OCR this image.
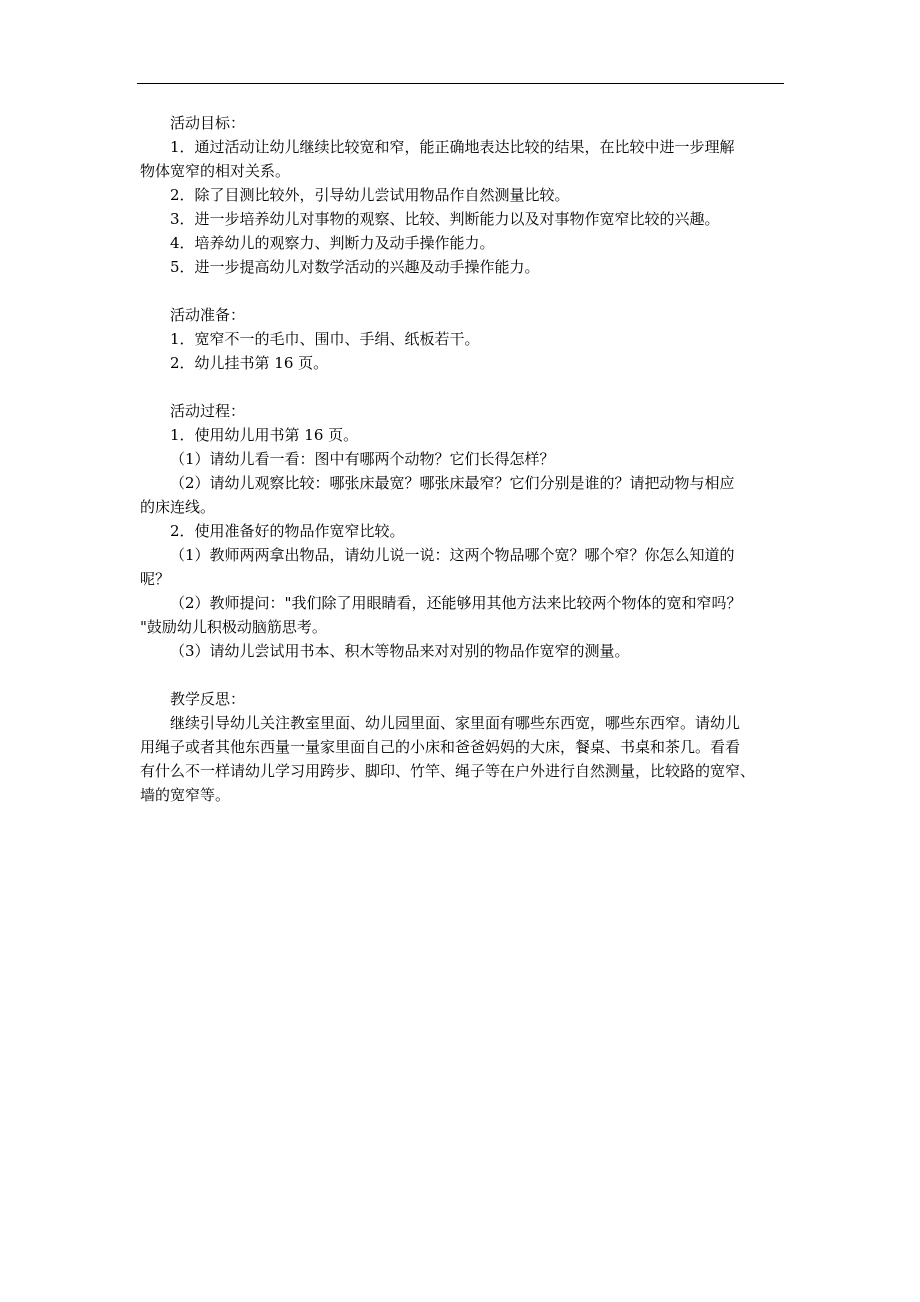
活动目标：
1．通过活动让幼儿继续比较宽和窄，能正确地表达比较的结果，在比较中进一步理解
物体宽窄的相对关系。
2．除了目测比较外，引导幼儿尝试用物品作自然测量比较。
3．进一步培养幼儿对事物的观察、比较、判断能力以及对事物作宽窄比较的兴趣。
4．培养幼儿的观察力、判断力及动手操作能力。
5．进一步提高幼儿对数学活动的兴趣及动手操作能力。
活动准备：
1．宽窄不一的毛巾、围巾、手绢、纸板若干。
2．幼儿挂书第 16 页。
活动过程：
1．使用幼儿用书第 16 页。
（1）请幼儿看一看：图中有哪两个动物？它们长得怎样？
（2）请幼儿观察比较：哪张床最宽？哪张床最窄？它们分别是谁的？请把动物与相应
的床连线。
2．使用准备好的物品作宽窄比较。
（1）教师两两拿出物品，请幼儿说一说：这两个物品哪个宽？哪个窄？你怎么知道的
呢？
（2）教师提问："我们除了用眼睛看，还能够用其他方法来比较两个物体的宽和窄吗？
"鼓励幼儿积极动脑筋思考。
（3）请幼儿尝试用书本、积木等物品来对对别的物品作宽窄的测量。
教学反思：
继续引导幼儿关注教室里面、幼儿园里面、家里面有哪些东西宽，哪些东西窄。请幼儿
用绳子或者其他东西量一量家里面自己的小床和爸爸妈妈的大床，餐桌、书桌和茶几。看看
有什么不一样请幼儿学习用跨步、脚印、竹竿、绳子等在户外进行自然测量，比较路的宽窄、
墙的宽窄等。
